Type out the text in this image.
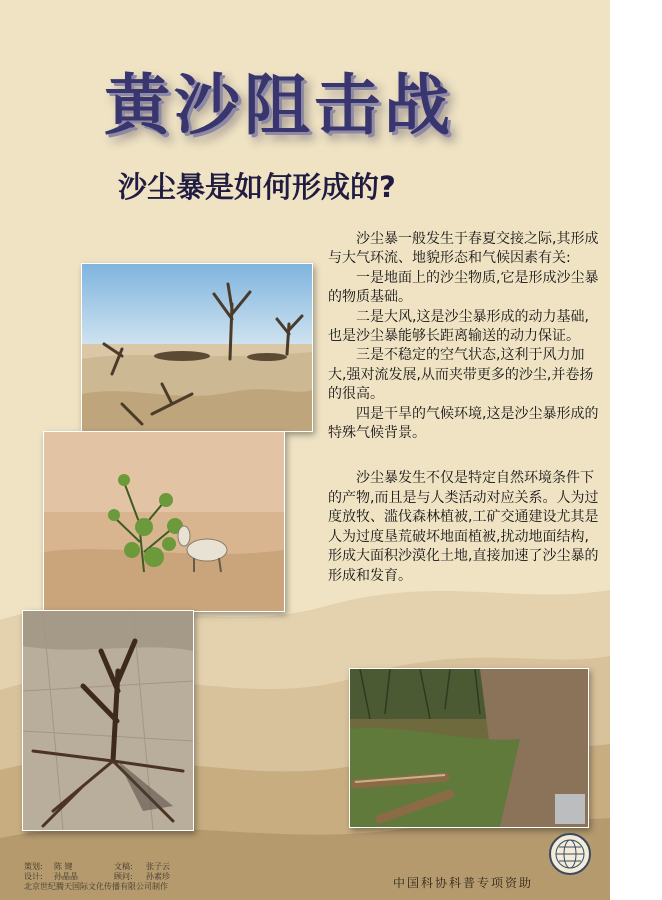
黄沙阻击战
沙尘暴是如何形成的?

沙尘暴一般发生于春夏交接之际,其形成与大气环流、地貌形态和气候因素有关:

一是地面上的沙尘物质,它是形成沙尘暴的物质基础。

二是大风,这是沙尘暴形成的动力基础,也是沙尘暴能够长距离输送的动力保证。

三是不稳定的空气状态,这利于风力加大,强对流发展,从而夹带更多的沙尘,并卷扬的很高。

四是干旱的气候环境,这是沙尘暴形成的特殊气候背景。

沙尘暴发生不仅是特定自然环境条件下的产物,而且是与人类活动对应关系。人为过度放牧、滥伐森林植被,工矿交通建设尤其是人为过度垦荒破坏地面植被,扰动地面结构,形成大面积沙漠化土地,直接加速了沙尘暴的形成和发育。

策划:	陈 键	文稿:	张子云
设计:	孙晶晶	顾问:	孙素珍
北京世纪腾天国际文化传播有限公司制作	中国科协科普专项资助
